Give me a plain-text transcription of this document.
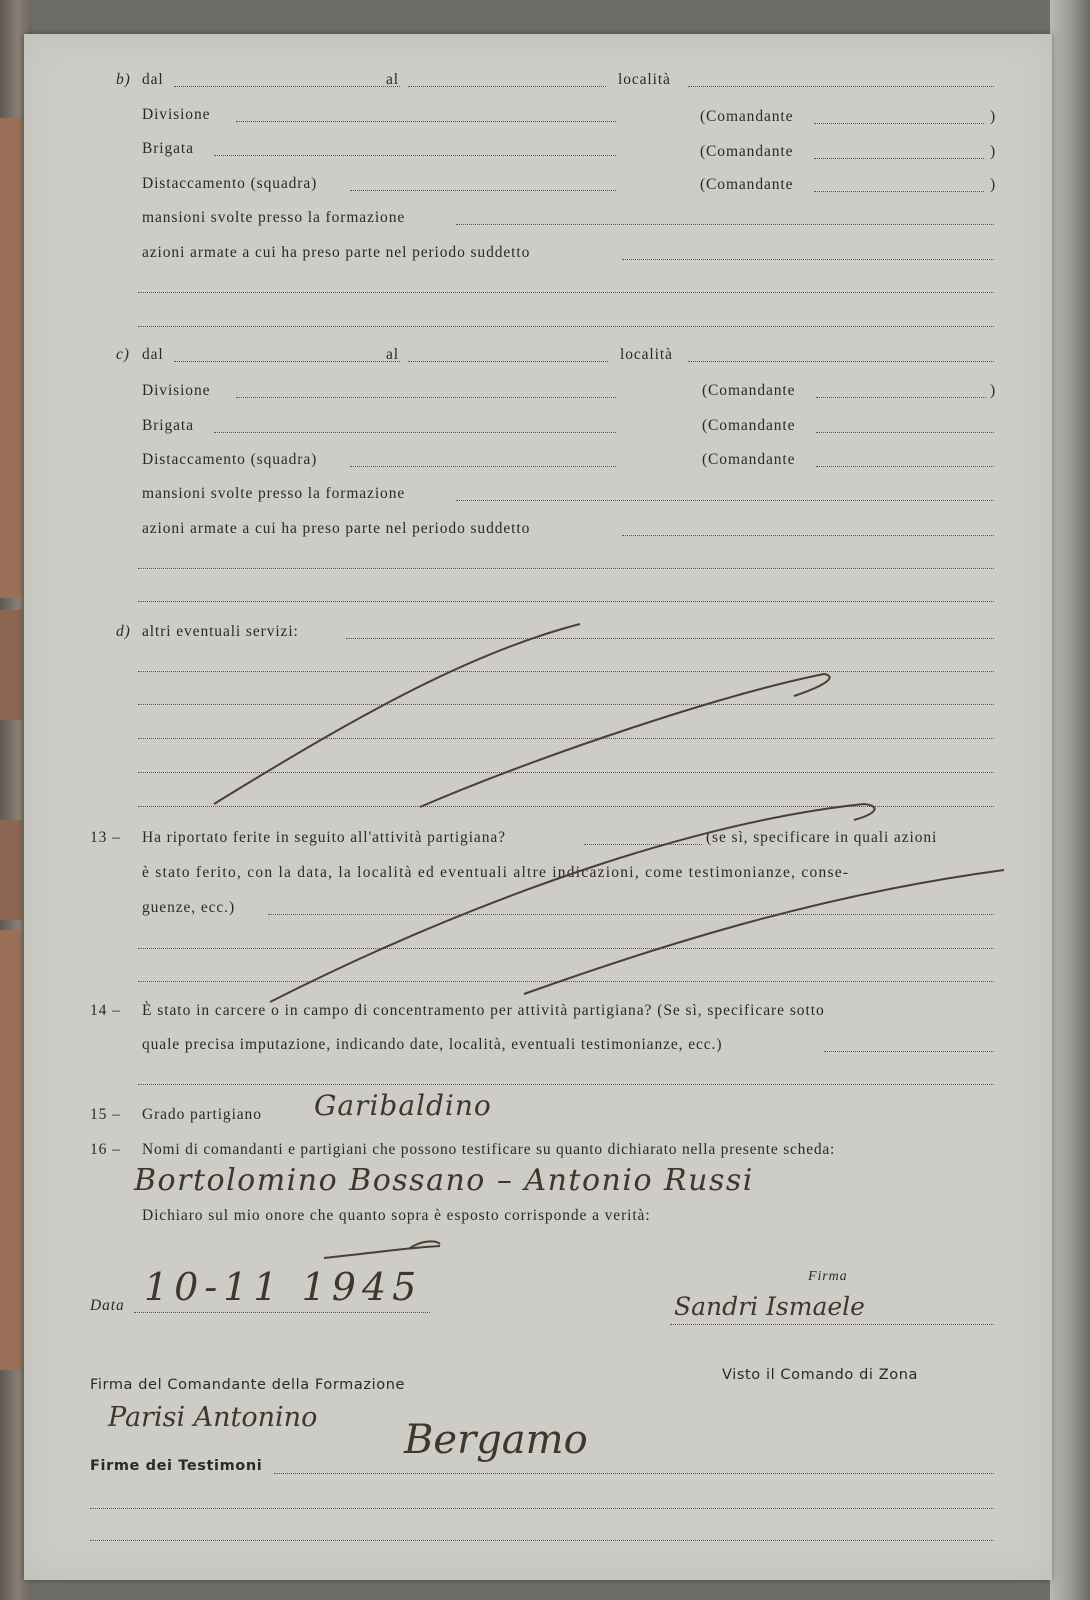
b) dal	al	località
Divisione	(Comandante	)
Brigata	(Comandante	)
Distaccamento (squadra)	(Comandante	)
mansioni svolte presso la formazione
azioni armate a cui ha preso parte nel periodo suddetto
c) dal	al	località
Divisione	(Comandante	)
Brigata	(Comandante
Distaccamento (squadra)	(Comandante
mansioni svolte presso la formazione
azioni armate a cui ha preso parte nel periodo suddetto
d) altri eventuali servizi:
13 – Ha riportato ferite in seguito all'attività partigiana?	(se sì, specificare in quali azioni
è stato ferito, con la data, la località ed eventuali altre indicazioni, come testimonianze, conse-
guenze, ecc.)
14 – È stato in carcere o in campo di concentramento per attività partigiana? (Se sì, specificare sotto
quale precisa imputazione, indicando date, località, eventuali testimonianze, ecc.)
15 – Grado partigiano Garibaldino
16 – Nomi di comandanti e partigiani che possono testificare su quanto dichiarato nella presente scheda:
Bortolomino Bossano – Antonio Russi
Dichiaro sul mio onore che quanto sopra è esposto corrisponde a verità:
Data 10-11 1945	Firma
Sandri Ismaele
Firma del Comandante della Formazione
Visto il Comando di Zona
Parisi Antonino
Firme dei Testimoni
Bergamo
